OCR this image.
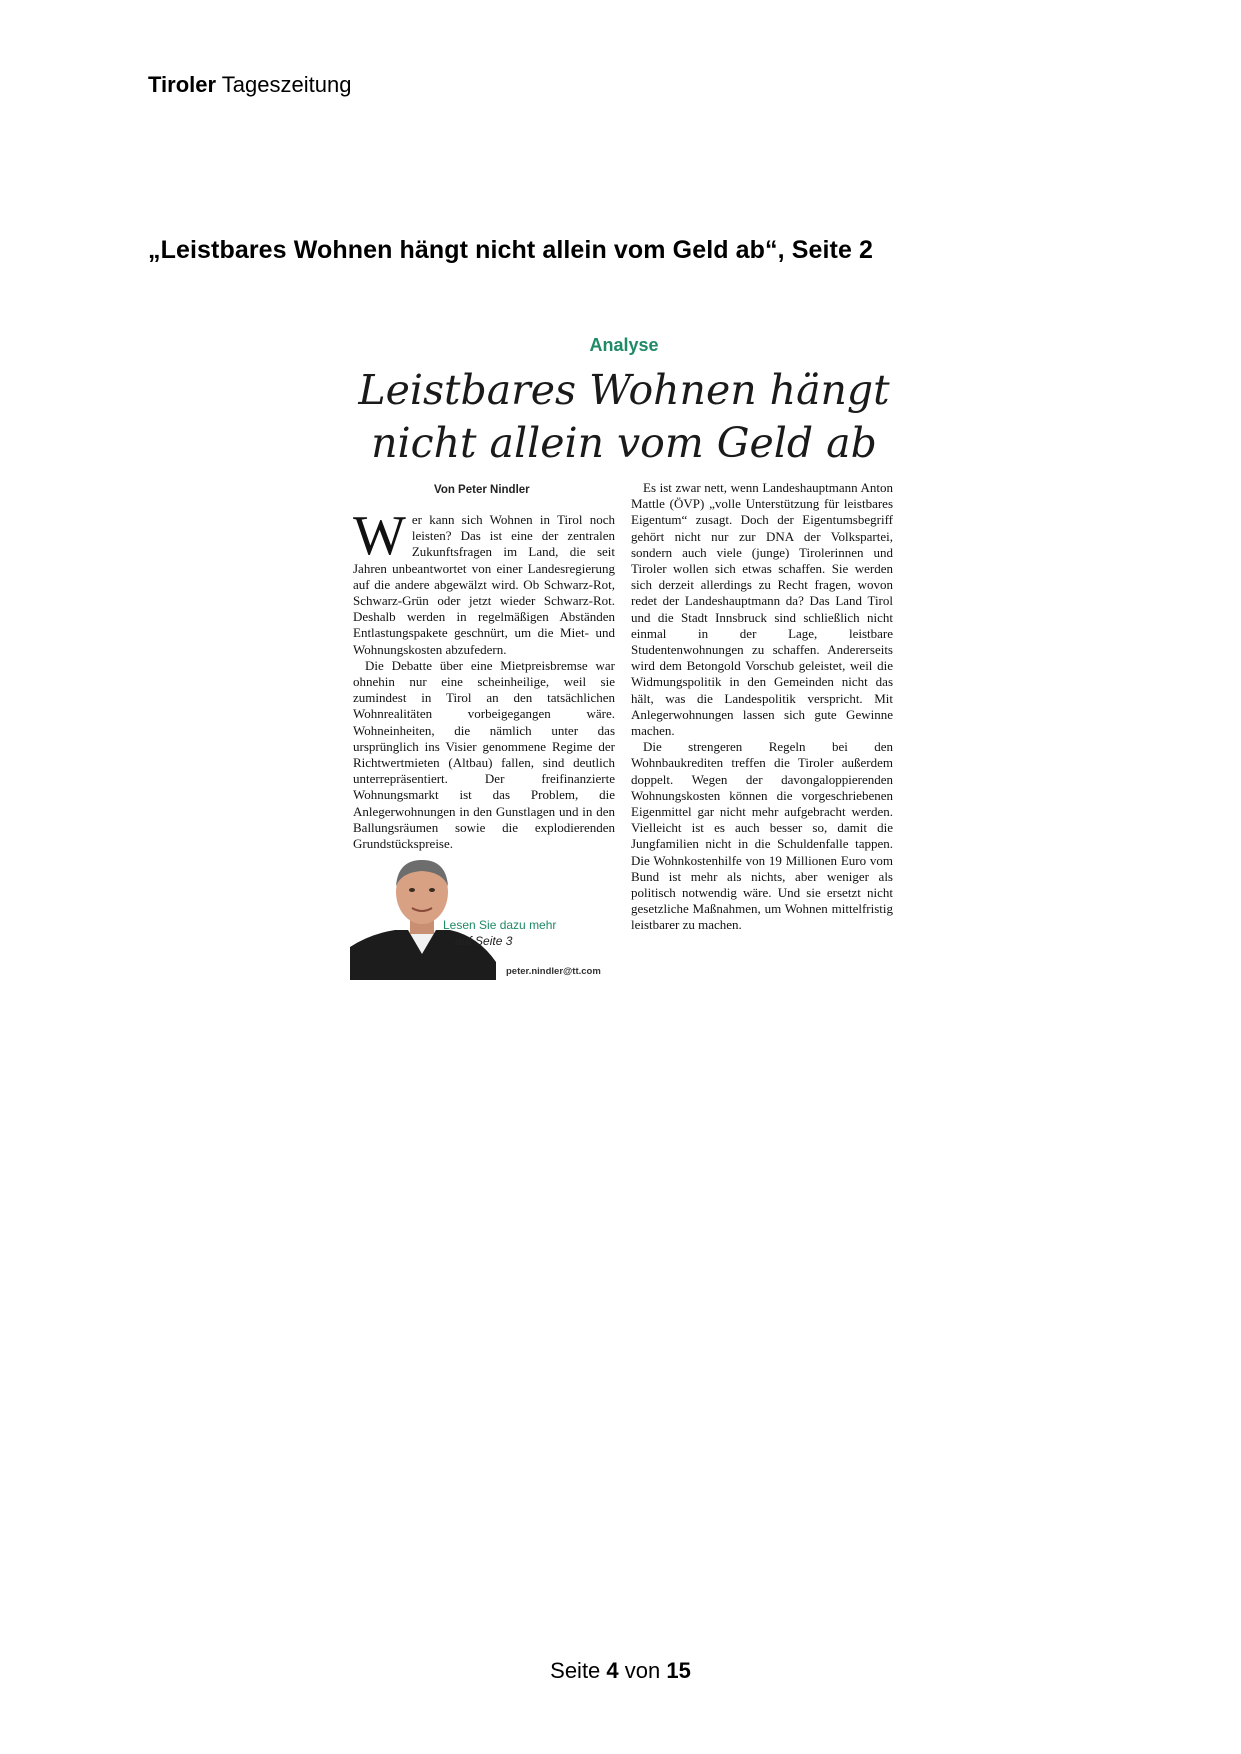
Tiroler Tageszeitung
„Leistbares Wohnen hängt nicht allein vom Geld ab“, Seite 2
Analyse
Leistbares Wohnen hängt
nicht allein vom Geld ab
Von Peter Nindler

Wer kann sich Wohnen in Tirol noch leisten? Das ist eine der zentralen Zukunftsfragen im Land, die seit Jahren unbeantwortet von einer Landesregierung auf die andere abgewälzt wird. Ob Schwarz-Rot, Schwarz-Grün oder jetzt wieder Schwarz-Rot. Deshalb werden in regelmäßigen Abständen Entlastungspakete geschnürt, um die Miet- und Wohnungskosten abzufedern.

Die Debatte über eine Mietpreisbremse war ohnehin nur eine scheinheilige, weil sie zumindest in Tirol an den tatsächlichen Wohnrealitäten vorbeigegangen wäre. Wohneinheiten, die nämlich unter das ursprünglich ins Visier genommene Regime der Richtwertmieten (Altbau) fallen, sind deutlich unterrepräsentiert. Der freifinanzierte Wohnungsmarkt ist das Problem, die Anlegerwohnungen in den Gunstlagen und in den Ballungsräumen sowie die explodierenden Grundstückspreise.

Es ist zwar nett, wenn Landeshauptmann Anton Mattle (ÖVP) „volle Unterstützung für leistbares Eigentum“ zusagt. Doch der Eigentumsbegriff gehört nicht nur zur DNA der Volkspartei, sondern auch viele (junge) Tirolerinnen und Tiroler wollen sich etwas schaffen. Sie werden sich derzeit allerdings zu Recht fragen, wovon redet der Landeshauptmann da? Das Land Tirol und die Stadt Innsbruck sind schließlich nicht einmal in der Lage, leistbare Studentenwohnungen zu schaffen. Andererseits wird dem Betongold Vorschub geleistet, weil die Widmungspolitik in den Gemeinden nicht das hält, was die Landespolitik verspricht. Mit Anlegerwohnungen lassen sich gute Gewinne machen.

Die strengeren Regeln bei den Wohnbaukrediten treffen die Tiroler außerdem doppelt. Wegen der davongaloppierenden Wohnungskosten können die vorgeschriebenen Eigenmittel gar nicht mehr aufgebracht werden. Vielleicht ist es auch besser so, damit die Jungfamilien nicht in die Schuldenfalle tappen. Die Wohnkostenhilfe von 19 Millionen Euro vom Bund ist mehr als nichts, aber weniger als politisch notwendig wäre. Und sie ersetzt nicht gesetzliche Maßnahmen, um Wohnen mittelfristig leistbarer zu machen.

Lesen Sie dazu mehr
auf Seite 3
peter.nindler@tt.com
Seite 4 von 15
